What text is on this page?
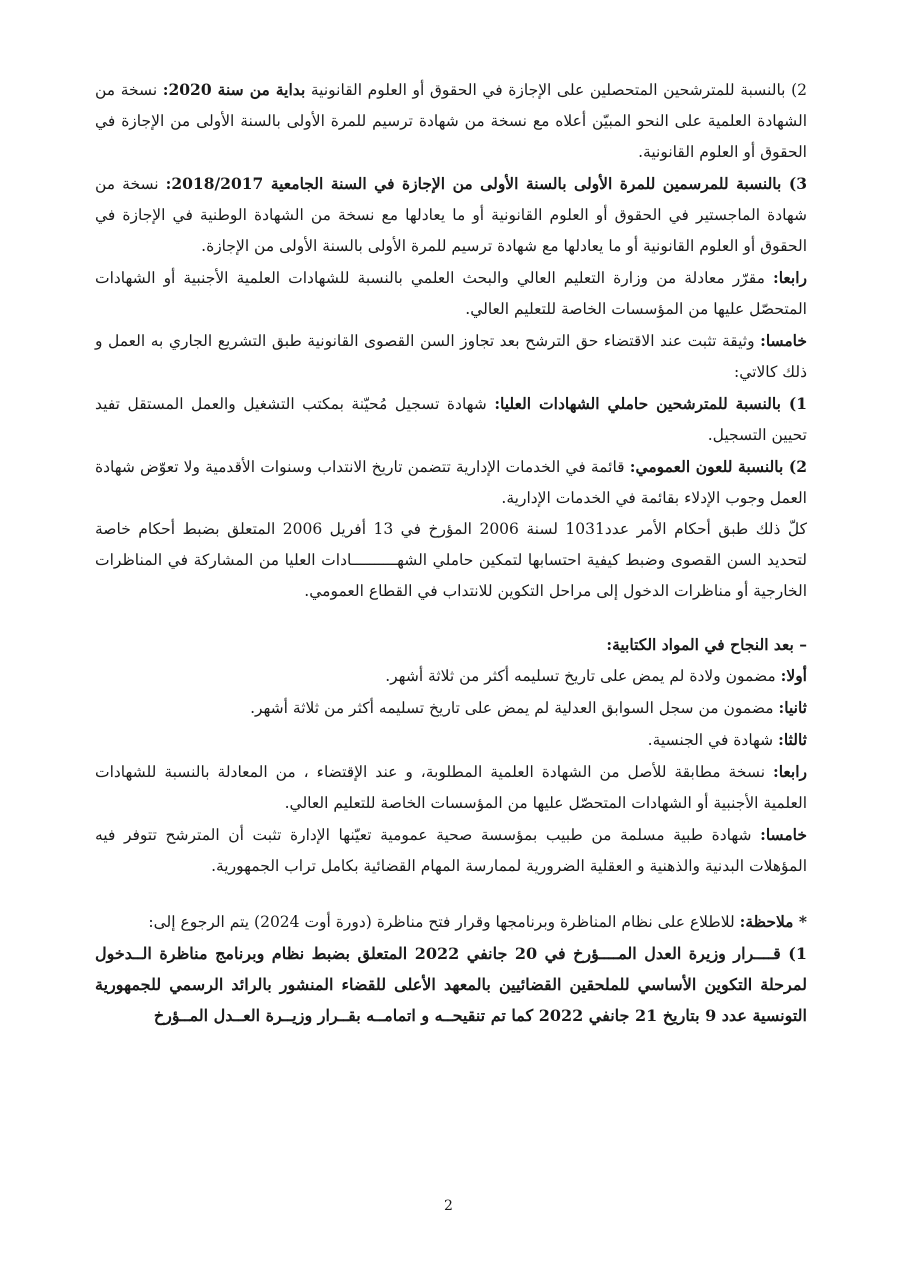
2) بالنسبة للمترشحين المتحصلين على الإجازة في الحقوق أو العلوم القانونية بداية من سنة 2020: نسخة من الشهادة العلمية على النحو المبيّن أعلاه مع نسخة من شهادة ترسيم للمرة الأولى بالسنة الأولى من الإجازة في الحقوق أو العلوم القانونية.

3) بالنسبة للمرسمين للمرة الأولى بالسنة الأولى من الإجازة في السنة الجامعية 2018/2017: نسخة من شهادة الماجستير في الحقوق أو العلوم القانونية أو ما يعادلها مع نسخة من الشهادة الوطنية في الإجازة في الحقوق أو العلوم القانونية أو ما يعادلها مع شهادة ترسيم للمرة الأولى بالسنة الأولى من الإجازة.

رابعا: مقرّر معادلة من وزارة التعليم العالي والبحث العلمي بالنسبة للشهادات العلمية الأجنبية أو الشهادات المتحصّل عليها من المؤسسات الخاصة للتعليم العالي.

خامسا: وثيقة تثبت عند الاقتضاء حق الترشح بعد تجاوز السن القصوى القانونية طبق التشريع الجاري به العمل و ذلك كالاتي:

1) بالنسبة للمترشحين حاملي الشهادات العليا: شهادة تسجيل مُحيّنة بمكتب التشغيل والعمل المستقل تفيد تحيين التسجيل.

2) بالنسبة للعون العمومي: قائمة في الخدمات الإدارية تتضمن تاريخ الانتداب وسنوات الأقدمية ولا تعوّض شهادة العمل وجوب الإدلاء بقائمة في الخدمات الإدارية.

كلّ ذلك طبق أحكام الأمر عدد1031 لسنة 2006 المؤرخ في 13 أفريل 2006 المتعلق بضبط أحكام خاصة لتحديد السن القصوى وضبط كيفية احتسابها لتمكين حاملي الشهــــــــــادات العليا من المشاركة في المناظرات الخارجية أو مناظرات الدخول إلى مراحل التكوين للانتداب في القطاع العمومي.

– بعد النجاح في المواد الكتابية:

أولا: مضمون ولادة لم يمض على تاريخ تسليمه أكثر من ثلاثة أشهر.

ثانيا: مضمون من سجل السوابق العدلية لم يمض على تاريخ تسليمه أكثر من ثلاثة أشهر.

ثالثا: شهادة في الجنسية.

رابعا: نسخة مطابقة للأصل من الشهادة العلمية المطلوبة، و عند الإقتضاء ، من المعادلة بالنسبة للشهادات العلمية الأجنبية أو الشهادات المتحصّل عليها من المؤسسات الخاصة للتعليم العالي.

خامسا: شهادة طبية مسلمة من طبيب بمؤسسة صحية عمومية تعيّنها الإدارة تثبت أن المترشح تتوفر فيه المؤهلات البدنية والذهنية و العقلية الضرورية لممارسة المهام القضائية بكامل تراب الجمهورية.

* ملاحظة: للاطلاع على نظام المناظرة وبرنامجها وقرار فتح مناظرة (دورة أوت 2024) يتم الرجوع إلى:

1) قــــرار وزيرة العدل المــــؤرخ في 20 جانفي 2022 المتعلق بضبط نظام وبرنامج مناظرة الــدخول لمرحلة التكوين الأساسي للملحقين القضائيين بالمعهد الأعلى للقضاء المنشور بالرائد الرسمي للجمهورية التونسية عدد 9 بتاريخ 21 جانفي 2022 كما تم تنقيحــه و اتمامــه بقــرار وزيــرة العــدل المــؤرخ

2
